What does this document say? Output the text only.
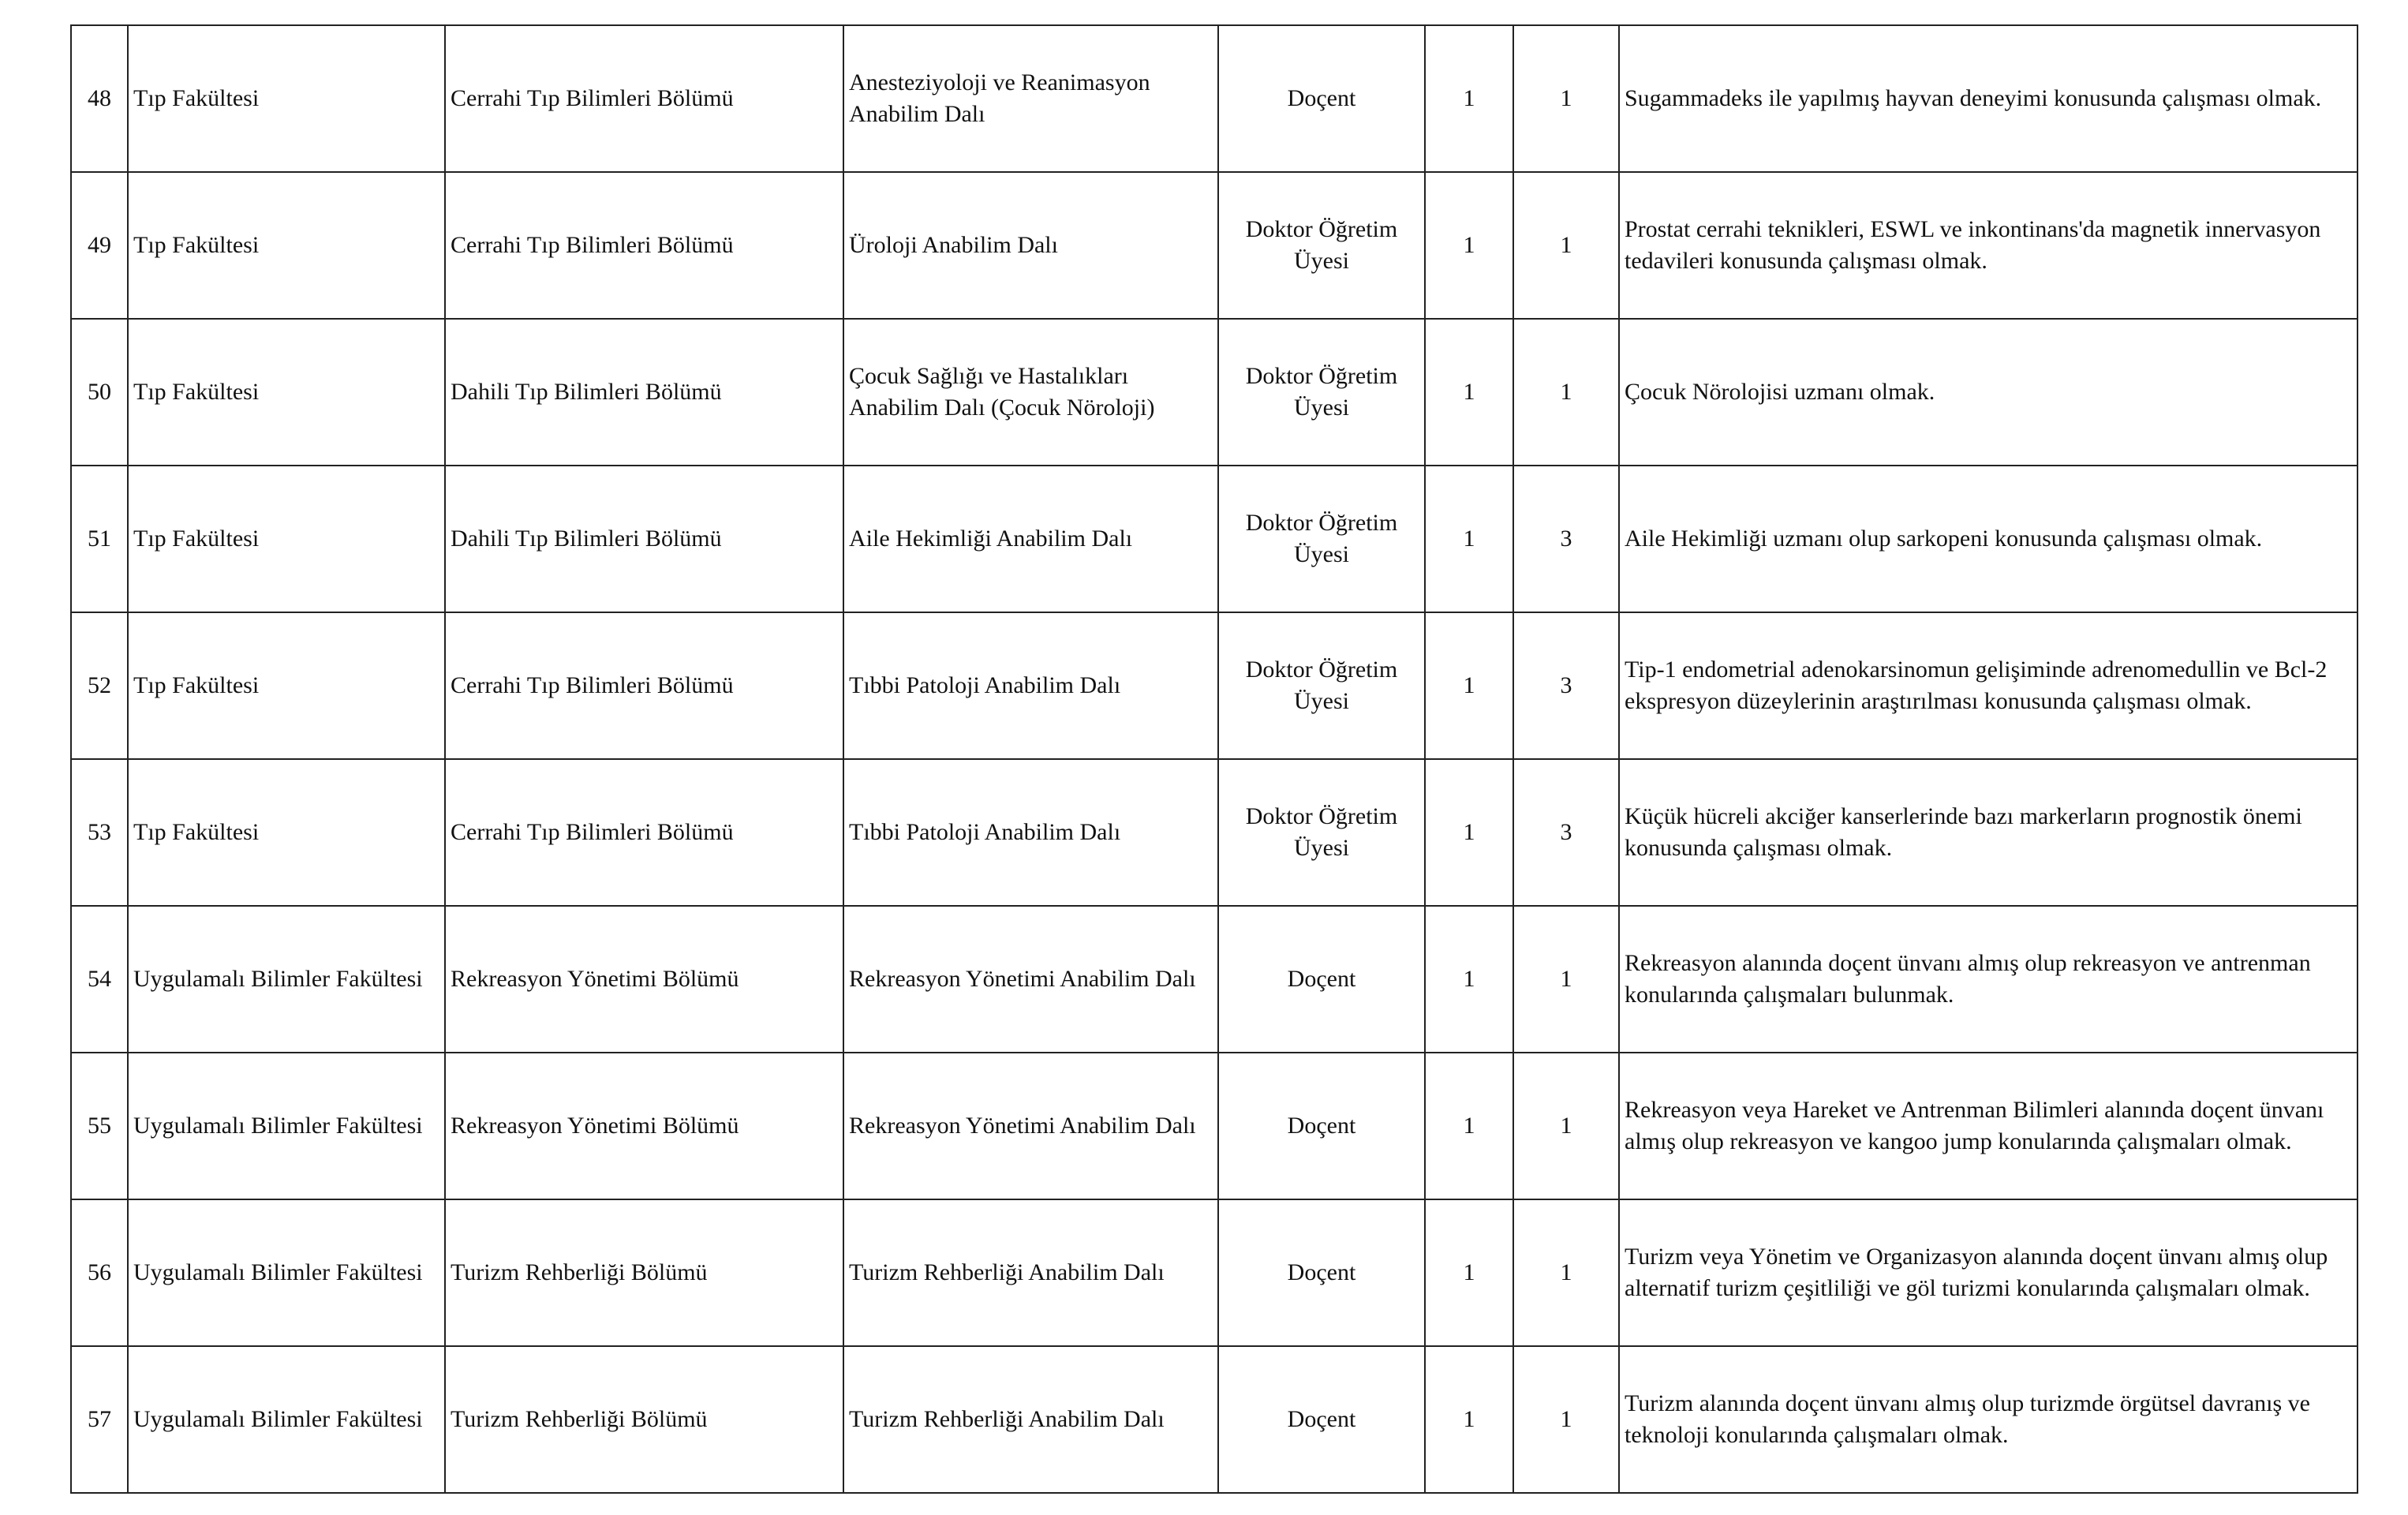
48	Tıp Fakültesi	Cerrahi Tıp Bilimleri Bölümü	Anesteziyoloji ve Reanimasyon Anabilim Dalı	Doçent	1	1	Sugammadeks ile yapılmış hayvan deneyimi konusunda çalışması olmak.
49	Tıp Fakültesi	Cerrahi Tıp Bilimleri Bölümü	Üroloji Anabilim Dalı	Doktor Öğretim Üyesi	1	1	Prostat cerrahi teknikleri, ESWL ve inkontinans'da magnetik innervasyon tedavileri konusunda çalışması olmak.
50	Tıp Fakültesi	Dahili Tıp Bilimleri Bölümü	Çocuk Sağlığı ve Hastalıkları Anabilim Dalı (Çocuk Nöroloji)	Doktor Öğretim Üyesi	1	1	Çocuk Nörolojisi uzmanı olmak.
51	Tıp Fakültesi	Dahili Tıp Bilimleri Bölümü	Aile Hekimliği Anabilim Dalı	Doktor Öğretim Üyesi	1	3	Aile Hekimliği uzmanı olup sarkopeni konusunda çalışması olmak.
52	Tıp Fakültesi	Cerrahi Tıp Bilimleri Bölümü	Tıbbi Patoloji Anabilim Dalı	Doktor Öğretim Üyesi	1	3	Tip-1 endometrial adenokarsinomun gelişiminde adrenomedullin ve Bcl-2 ekspresyon düzeylerinin araştırılması konusunda çalışması olmak.
53	Tıp Fakültesi	Cerrahi Tıp Bilimleri Bölümü	Tıbbi Patoloji Anabilim Dalı	Doktor Öğretim Üyesi	1	3	Küçük hücreli akciğer kanserlerinde bazı markerların prognostik önemi konusunda çalışması olmak.
54	Uygulamalı Bilimler Fakültesi	Rekreasyon Yönetimi Bölümü	Rekreasyon Yönetimi Anabilim Dalı	Doçent	1	1	Rekreasyon alanında doçent ünvanı almış olup rekreasyon ve antrenman konularında çalışmaları bulunmak.
55	Uygulamalı Bilimler Fakültesi	Rekreasyon Yönetimi Bölümü	Rekreasyon Yönetimi Anabilim Dalı	Doçent	1	1	Rekreasyon veya Hareket ve Antrenman Bilimleri alanında doçent ünvanı almış olup rekreasyon ve kangoo jump konularında çalışmaları olmak.
56	Uygulamalı Bilimler Fakültesi	Turizm Rehberliği Bölümü	Turizm Rehberliği Anabilim Dalı	Doçent	1	1	Turizm veya Yönetim ve Organizasyon alanında doçent ünvanı almış olup alternatif turizm çeşitliliği ve göl turizmi konularında çalışmaları olmak.
57	Uygulamalı Bilimler Fakültesi	Turizm Rehberliği Bölümü	Turizm Rehberliği Anabilim Dalı	Doçent	1	1	Turizm alanında doçent ünvanı almış olup turizmde örgütsel davranış ve teknoloji konularında çalışmaları olmak.
